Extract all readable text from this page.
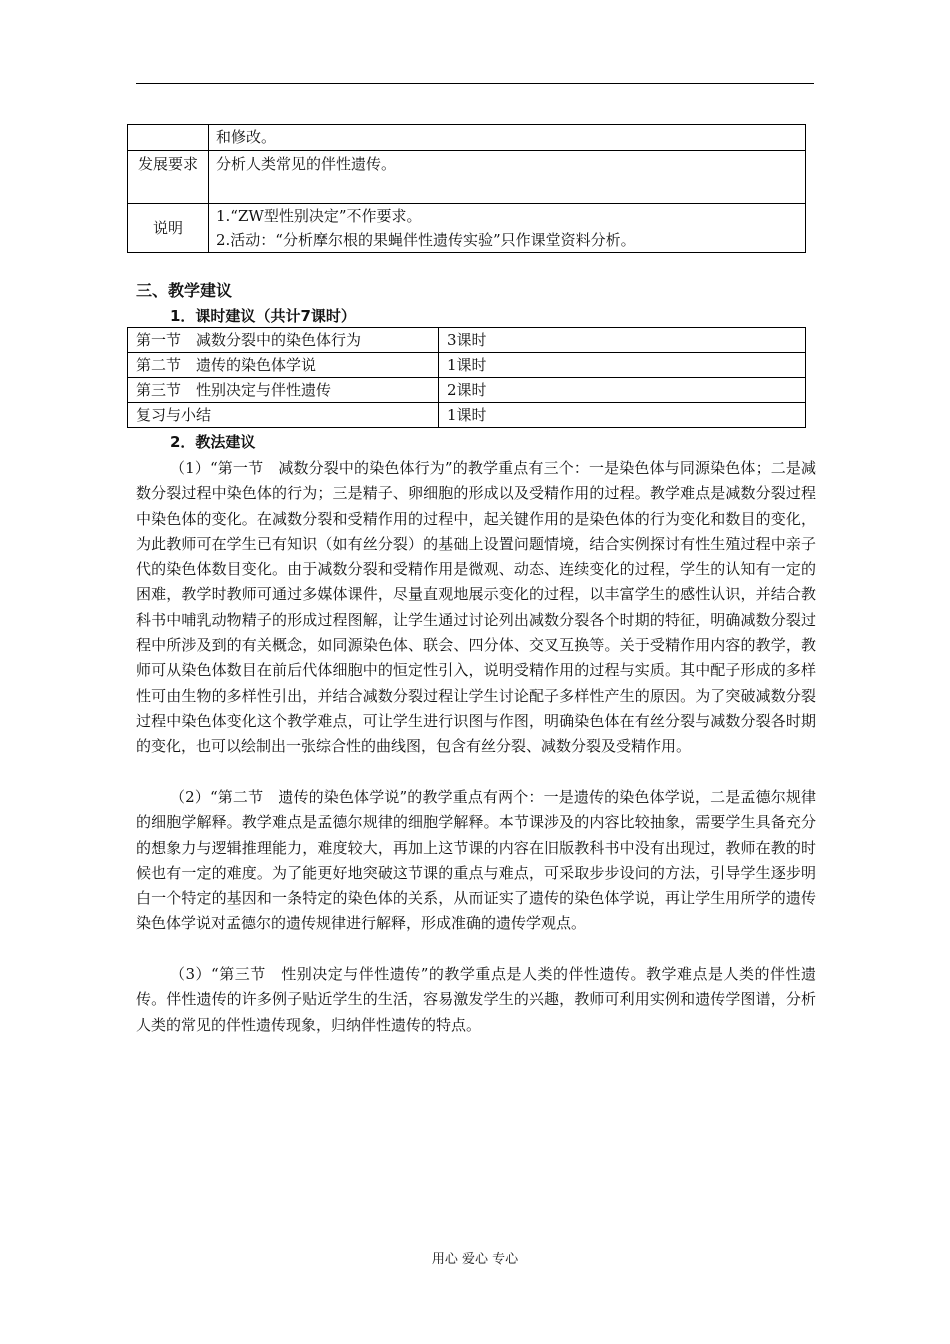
	和修改。

发展要求	分析人类常见的伴性遗传。

说明	1.“ZW型性别决定”不作要求。
2.活动：“分析摩尔根的果蝇伴性遗传实验”只作课堂资料分析。
三、教学建议
1．课时建议（共计7课时）
第一节　减数分裂中的染色体行为	3课时
第二节　遗传的染色体学说	1课时
第三节　性别决定与伴性遗传	2课时
复习与小结	1课时
2．教法建议

（1）“第一节　减数分裂中的染色体行为”的教学重点有三个：一是染色体与同源染色体；二是减数分裂过程中染色体的行为；三是精子、卵细胞的形成以及受精作用的过程。教学难点是减数分裂过程中染色体的变化。在减数分裂和受精作用的过程中，起关键作用的是染色体的行为变化和数目的变化，为此教师可在学生已有知识（如有丝分裂）的基础上设置问题情境，结合实例探讨有性生殖过程中亲子代的染色体数目变化。由于减数分裂和受精作用是微观、动态、连续变化的过程，学生的认知有一定的困难，教学时教师可通过多媒体课件，尽量直观地展示变化的过程，以丰富学生的感性认识，并结合教科书中哺乳动物精子的形成过程图解，让学生通过讨论列出减数分裂各个时期的特征，明确减数分裂过程中所涉及到的有关概念，如同源染色体、联会、四分体、交叉互换等。关于受精作用内容的教学，教师可从染色体数目在前后代体细胞中的恒定性引入，说明受精作用的过程与实质。其中配子形成的多样性可由生物的多样性引出，并结合减数分裂过程让学生讨论配子多样性产生的原因。为了突破减数分裂过程中染色体变化这个教学难点，可让学生进行识图与作图，明确染色体在有丝分裂与减数分裂各时期的变化，也可以绘制出一张综合性的曲线图，包含有丝分裂、减数分裂及受精作用。

（2）“第二节　遗传的染色体学说”的教学重点有两个：一是遗传的染色体学说，二是孟德尔规律的细胞学解释。教学难点是孟德尔规律的细胞学解释。本节课涉及的内容比较抽象，需要学生具备充分的想象力与逻辑推理能力，难度较大，再加上这节课的内容在旧版教科书中没有出现过，教师在教的时候也有一定的难度。为了能更好地突破这节课的重点与难点，可采取步步设问的方法，引导学生逐步明白一个特定的基因和一条特定的染色体的关系，从而证实了遗传的染色体学说，再让学生用所学的遗传染色体学说对孟德尔的遗传规律进行解释，形成准确的遗传学观点。

（3）“第三节　性别决定与伴性遗传”的教学重点是人类的伴性遗传。教学难点是人类的伴性遗传。伴性遗传的许多例子贴近学生的生活，容易激发学生的兴趣，教师可利用实例和遗传学图谱，分析人类的常见的伴性遗传现象，归纳伴性遗传的特点。

用心 爱心 专心
